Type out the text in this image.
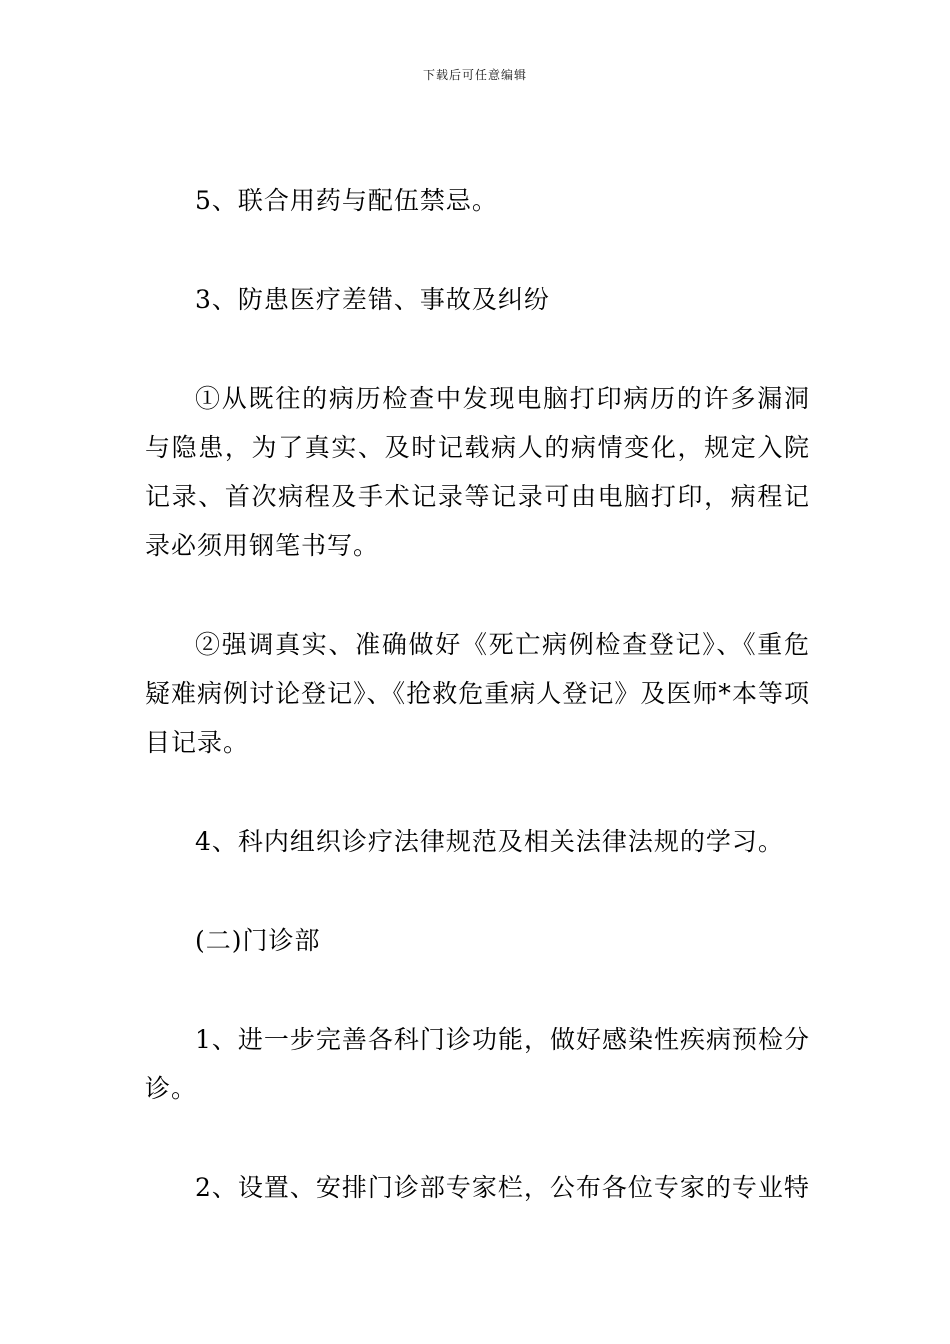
下载后可任意编辑

5、联合用药与配伍禁忌。

3、防患医疗差错、事故及纠纷

①从既往的病历检查中发现电脑打印病历的许多漏洞与隐患，为了真实、及时记载病人的病情变化，规定入院记录、首次病程及手术记录等记录可由电脑打印，病程记录必须用钢笔书写。

②强调真实、准确做好《死亡病例检查登记》、《重危疑难病例讨论登记》、《抢救危重病人登记》及医师*本等项目记录。

4、科内组织诊疗法律规范及相关法律法规的学习。

(二)门诊部

1、进一步完善各科门诊功能，做好感染性疾病预检分诊。

2、设置、安排门诊部专家栏，公布各位专家的专业特
